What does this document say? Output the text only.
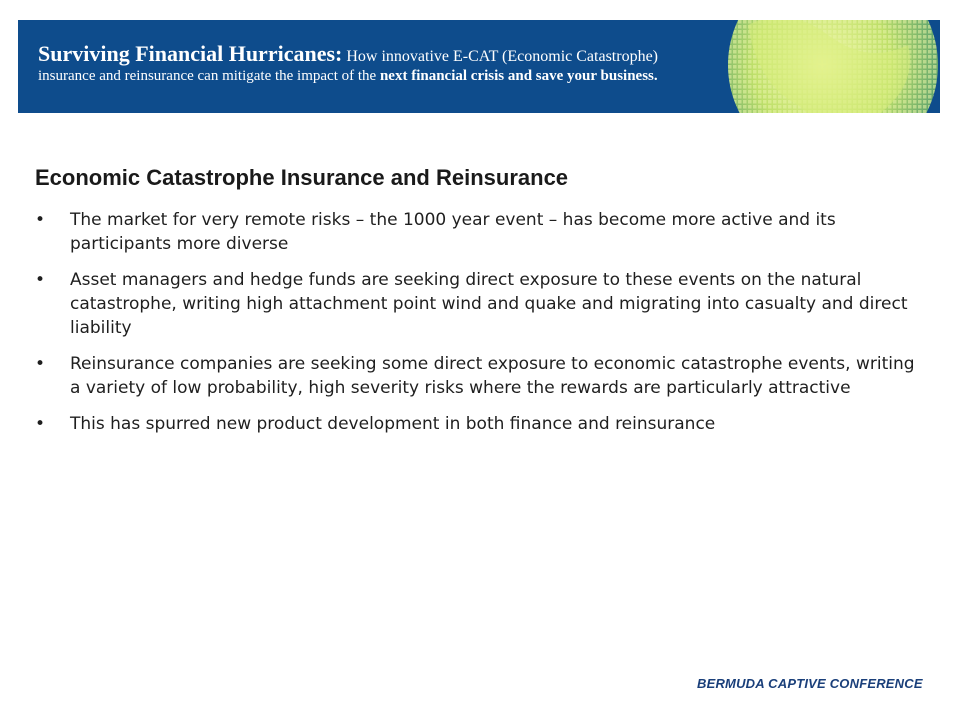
Surviving Financial Hurricanes: How innovative E-CAT (Economic Catastrophe)
insurance and reinsurance can mitigate the impact of the next financial crisis and save your business.
Economic Catastrophe Insurance and Reinsurance
•	The market for very remote risks – the 1000 year event – has become more active and its participants more diverse
•	Asset managers and hedge funds are seeking direct exposure to these events on the natural catastrophe, writing high attachment point wind and quake and migrating into casualty and direct liability
•	Reinsurance companies are seeking some direct exposure to economic catastrophe events, writing a variety of low probability, high severity risks where the rewards are particularly attractive
•	This has spurred new product development in both finance and reinsurance
BERMUDA CAPTIVE CONFERENCE
